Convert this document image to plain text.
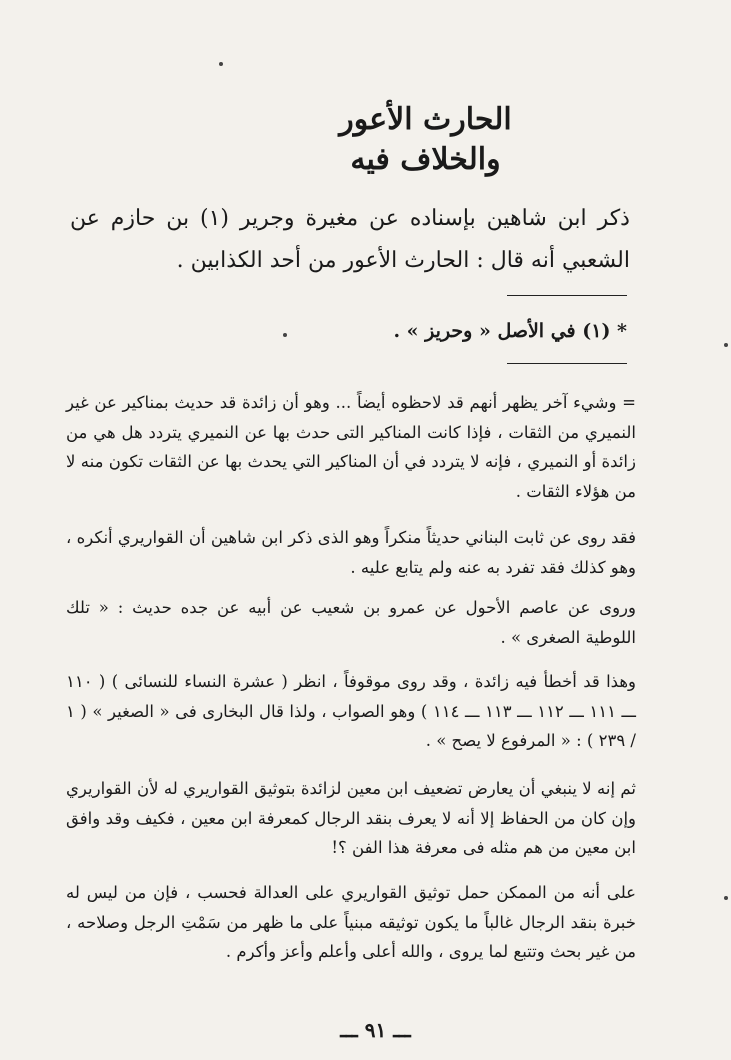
الحارث الأعور
والخلاف فيه
ذكر ابن شاهين بإسناده عن مغيرة وجرير (١) بن حازم عن الشعبي أنه قال : الحارث الأعور من أحد الكذابين .
* (١) في الأصل « وحريز » .
= وشيء آخر يظهر أنهم قد لاحظوه أيضاً ... وهو أن زائدة قد حديث بمناكير عن غير النميري من الثقات ، فإذا كانت المناكير التى حدث بها عن النميري يتردد هل هي من زائدة أو النميري ، فإنه لا يتردد في أن المناكير التي يحدث بها عن الثقات تكون منه لا من هؤلاء الثقات .
فقد روى عن ثابت البناني حديثاً منكراً وهو الذى ذكر ابن شاهين أن القواريري أنكره ، وهو كذلك فقد تفرد به عنه ولم يتابع عليه .
وروى عن عاصم الأحول عن عمرو بن شعيب عن أبيه عن جده حديث : « تلك اللوطية الصغرى » .
وهذا قد أخطأ فيه زائدة ، وقد روى موقوفاً ، انظر ( عشرة النساء للنسائى ) ( ١١٠ ـــ ١١١ ـــ ١١٢ ـــ ١١٣ ـــ ١١٤ ) وهو الصواب ، ولذا قال البخارى فى « الصغير » ( ١ / ٢٣٩ ) : « المرفوع لا يصح » .
ثم إنه لا ينبغي أن يعارض تضعيف ابن معين لزائدة بتوثيق القواريري له لأن القواريري وإن كان من الحفاظ إلا أنه لا يعرف بنقد الرجال كمعرفة ابن معين ، فكيف وقد وافق ابن معين من هم مثله فى معرفة هذا الفن ؟!
على أنه من الممكن حمل توثيق القواريري على العدالة فحسب ، فإن من ليس له خبرة بنقد الرجال غالباً ما يكون توثيقه مبنياً على ما ظهر من سَمْتِ الرجل وصلاحه ، من غير بحث وتتبع لما يروى ، والله أعلى وأعلم وأعز وأكرم .
ـــ ٩١ ـــ
